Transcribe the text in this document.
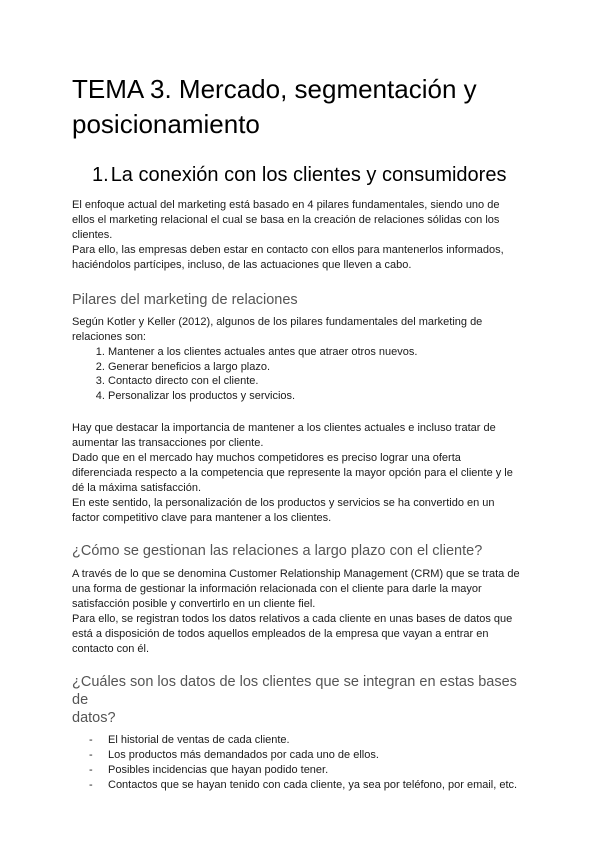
TEMA 3. Mercado, segmentación y
posicionamiento
1. La conexión con los clientes y consumidores

El enfoque actual del marketing está basado en 4 pilares fundamentales, siendo uno de
ellos el marketing relacional el cual se basa en la creación de relaciones sólidas con los
clientes.

Para ello, las empresas deben estar en contacto con ellos para mantenerlos informados,
haciéndolos partícipes, incluso, de las actuaciones que lleven a cabo.

Pilares del marketing de relaciones

Según Kotler y Keller (2012), algunos de los pilares fundamentales del marketing de
relaciones son:

1. Mantener a los clientes actuales antes que atraer otros nuevos.
2. Generar beneficios a largo plazo.
3. Contacto directo con el cliente.
4. Personalizar los productos y servicios.

Hay que destacar la importancia de mantener a los clientes actuales e incluso tratar de
aumentar las transacciones por cliente.

Dado que en el mercado hay muchos competidores es preciso lograr una oferta
diferenciada respecto a la competencia que represente la mayor opción para el cliente y le
dé la máxima satisfacción.

En este sentido, la personalización de los productos y servicios se ha convertido en un
factor competitivo clave para mantener a los clientes.

¿Cómo se gestionan las relaciones a largo plazo con el cliente?

A través de lo que se denomina Customer Relationship Management (CRM) que se trata de
una forma de gestionar la información relacionada con el cliente para darle la mayor
satisfacción posible y convertirlo en un cliente fiel.

Para ello, se registran todos los datos relativos a cada cliente en unas bases de datos que
está a disposición de todos aquellos empleados de la empresa que vayan a entrar en
contacto con él.

¿Cuáles son los datos de los clientes que se integran en estas bases de
datos?
- El historial de ventas de cada cliente.
- Los productos más demandados por cada uno de ellos.
- Posibles incidencias que hayan podido tener.
- Contactos que se hayan tenido con cada cliente, ya sea por teléfono, por email, etc.
